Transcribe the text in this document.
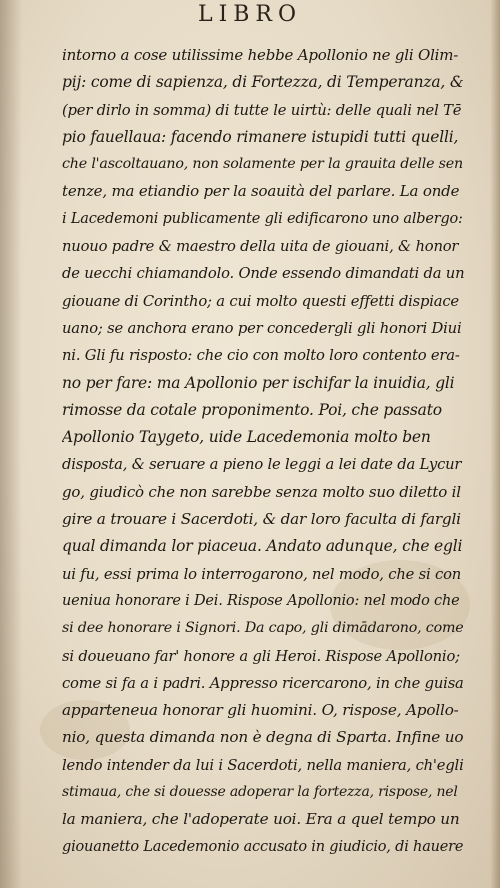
LIBRO
intorno a cose utilissime hebbe Apollonio ne gli Olim-
pij: come di sapienza, di Fortezza, di Temperanza, &
(per dirlo in somma) di tutte le uirtù: delle quali nel Tē
pio fauellaua: facendo rimanere istupidi tutti quelli,
che l'ascoltauano, non solamente per la grauita delle sen
tenze, ma etiandio per la soauità del parlare. La onde
i Lacedemoni publicamente gli edificarono uno albergo:
nuouo padre & maestro della uita de giouani, & honor
de uecchi chiamandolo. Onde essendo dimandati da un
giouane di Corintho; a cui molto questi effetti dispiace
uano; se anchora erano per concedergli gli honori Diui
ni. Gli fu risposto: che cio con molto loro contento era-
no per fare: ma Apollonio per ischifar la inuidia, gli
rimosse da cotale proponimento. Poi, che passato
Apollonio Taygeto, uide Lacedemonia molto ben
disposta, & seruare a pieno le leggi a lei date da Lycur
go, giudicò che non sarebbe senza molto suo diletto il
gire a trouare i Sacerdoti, & dar loro faculta di fargli
qual dimanda lor piaceua. Andato adunque, che egli
ui fu, essi prima lo interrogarono, nel modo, che si con
ueniua honorare i Dei. Rispose Apollonio: nel modo che
si dee honorare i Signori. Da capo, gli dimādarono, come
si doueuano far' honore a gli Heroi. Rispose Apollonio;
come si fa a i padri. Appresso ricercarono, in che guisa
apparteneua honorar gli huomini. O, rispose, Apollo-
nio, questa dimanda non è degna di Sparta. Infine uo
lendo intender da lui i Sacerdoti, nella maniera, ch'egli
stimaua, che si douesse adoperar la fortezza, rispose, nel
la maniera, che l'adoperate uoi. Era a quel tempo un
giouanetto Lacedemonio accusato in giudicio, di hauere
